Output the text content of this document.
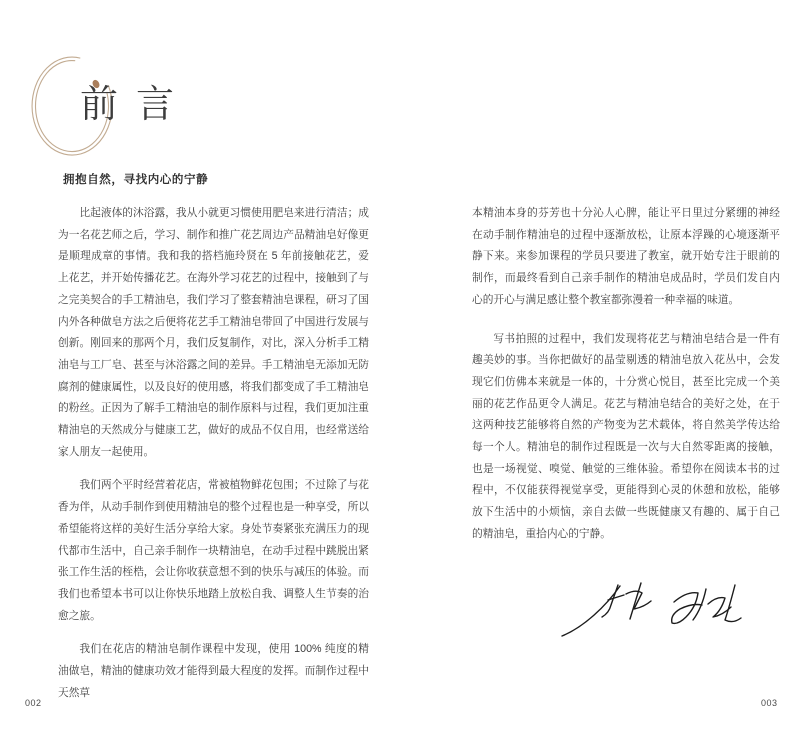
前言
拥抱自然，寻找内心的宁静

比起液体的沐浴露，我从小就更习惯使用肥皂来进行清洁；成为一名花艺师之后，学习、制作和推广花艺周边产品精油皂好像更是顺理成章的事情。我和我的搭档施玲贤在 5 年前接触花艺，爱上花艺，并开始传播花艺。在海外学习花艺的过程中，接触到了与之完美契合的手工精油皂，我们学习了整套精油皂课程，研习了国内外各种做皂方法之后便将花艺手工精油皂带回了中国进行发展与创新。刚回来的那两个月，我们反复制作，对比，深入分析手工精油皂与工厂皂、甚至与沐浴露之间的差异。手工精油皂无添加无防腐剂的健康属性，以及良好的使用感，将我们都变成了手工精油皂的粉丝。正因为了解手工精油皂的制作原料与过程，我们更加注重精油皂的天然成分与健康工艺，做好的成品不仅自用，也经常送给家人朋友一起使用。

我们两个平时经营着花店，常被植物鲜花包围；不过除了与花香为伴，从动手制作到使用精油皂的整个过程也是一种享受，所以希望能将这样的美好生活分享给大家。身处节奏紧张充满压力的现代都市生活中，自己亲手制作一块精油皂，在动手过程中跳脱出紧张工作生活的桎梏，会让你收获意想不到的快乐与减压的体验。而我们也希望本书可以让你快乐地踏上放松自我、调整人生节奏的治愈之旅。

我们在花店的精油皂制作课程中发现，使用 100% 纯度的精油做皂，精油的健康功效才能得到最大程度的发挥。而制作过程中天然草

本精油本身的芬芳也十分沁人心脾，能让平日里过分紧绷的神经在动手制作精油皂的过程中逐渐放松，让原本浮躁的心境逐渐平静下来。来参加课程的学员只要进了教室，就开始专注于眼前的制作，而最终看到自己亲手制作的精油皂成品时，学员们发自内心的开心与满足感让整个教室都弥漫着一种幸福的味道。

写书拍照的过程中，我们发现将花艺与精油皂结合是一件有趣美妙的事。当你把做好的晶莹剔透的精油皂放入花丛中，会发现它们仿佛本来就是一体的，十分赏心悦目，甚至比完成一个美丽的花艺作品更令人满足。花艺与精油皂结合的美好之处，在于这两种技艺能够将自然的产物变为艺术载体，将自然美学传达给每一个人。精油皂的制作过程既是一次与大自然零距离的接触，也是一场视觉、嗅觉、触觉的三维体验。希望你在阅读本书的过程中，不仅能获得视觉享受，更能得到心灵的休憩和放松，能够放下生活中的小烦恼，亲自去做一些既健康又有趣的、属于自己的精油皂，重拾内心的宁静。

002	003
